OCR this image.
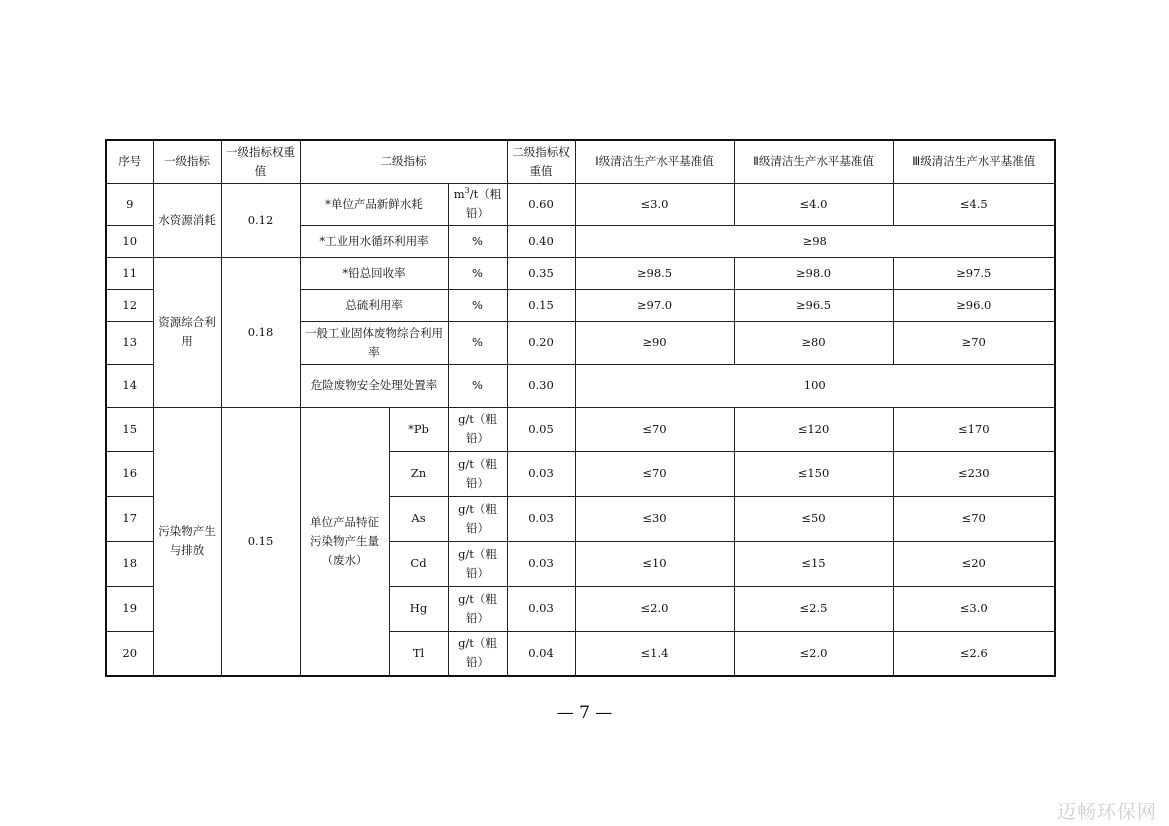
序号	一级指标	一级指标权重值	二级指标			二级指标权重值	Ⅰ级清洁生产水平基准值	Ⅱ级清洁生产水平基准值	Ⅲ级清洁生产水平基准值
9	水资源消耗	0.12	*单位产品新鲜水耗		$m^3/t$（粗铅）	0.60	≤3.0	≤4.0	≤4.5
10			*工业用水循环利用率		%	0.40	≥98		
11	资源综合利用	0.18	*铅总回收率		%	0.35	≥98.5	≥98.0	≥97.5
12			总硫利用率		%	0.15	≥97.0	≥96.5	≥96.0
13			一般工业固体废物综合利用率		%	0.20	≥90	≥80	≥70
14			危险废物安全处理处置率		%	0.30	100		
15	污染物产生与排放	0.15	单位产品特征污染物产生量（废水）	*Pb	g/t（粗铅）	0.05	≤70	≤120	≤170
16				Zn	g/t（粗铅）	0.03	≤70	≤150	≤230
17				As	g/t（粗铅）	0.03	≤30	≤50	≤70
18				Cd	g/t（粗铅）	0.03	≤10	≤15	≤20
19				Hg	g/t（粗铅）	0.03	≤2.0	≤2.5	≤3.0
20				Tl	g/t（粗铅）	0.04	≤1.4	≤2.0	≤2.6
— 7 —
迈畅环保网
